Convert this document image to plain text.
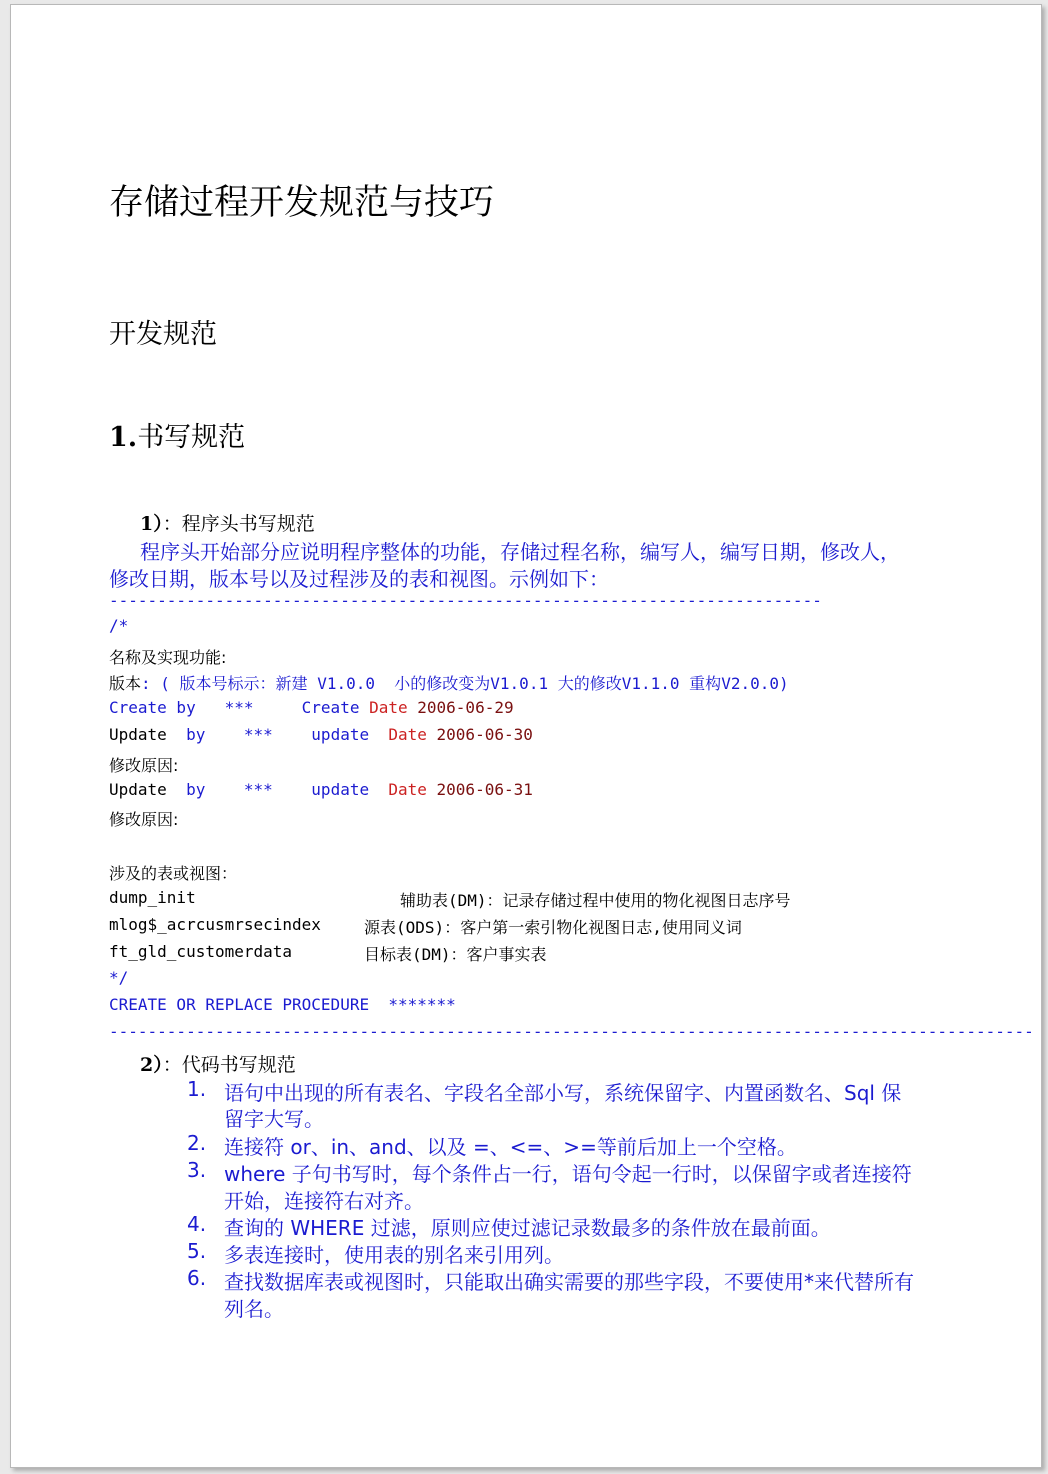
存储过程开发规范与技巧
开发规范
1.书写规范
1）：程序头书写规范
程序头开始部分应说明程序整体的功能，存储过程名称，编写人，编写日期，修改人，
修改日期，版本号以及过程涉及的表和视图。示例如下：
--------------------------------------------------------------------------
/*
名称及实现功能:
版本: ( 版本号标示：新建 V1.0.0  小的修改变为V1.0.1 大的修改V1.1.0 重构V2.0.0)
Create by   ***     Create Date 2006-06-29
Update  by    ***    update  Date 2006-06-30
修改原因:
Update  by    ***    update  Date 2006-06-31
修改原因:
涉及的表或视图：
dump_init	辅助表(DM)：记录存储过程中使用的物化视图日志序号
mlog$_acrcusmrsecindex	源表(ODS)：客户第一索引物化视图日志,使用同义词
ft_gld_customerdata	目标表(DM)：客户事实表
*/
CREATE OR REPLACE PROCEDURE  *******
------------------------------------------------------------------------------------------------
2）：代码书写规范
1. 语句中出现的所有表名、字段名全部小写，系统保留字、内置函数名、Sql 保
留字大写。
2. 连接符 or、in、and、以及 =、<=、>=等前后加上一个空格。
3. where 子句书写时，每个条件占一行，语句令起一行时，以保留字或者连接符
开始，连接符右对齐。
4. 查询的 WHERE 过滤，原则应使过滤记录数最多的条件放在最前面。
5. 多表连接时，使用表的别名来引用列。
6. 查找数据库表或视图时，只能取出确实需要的那些字段，不要使用*来代替所有
列名。
